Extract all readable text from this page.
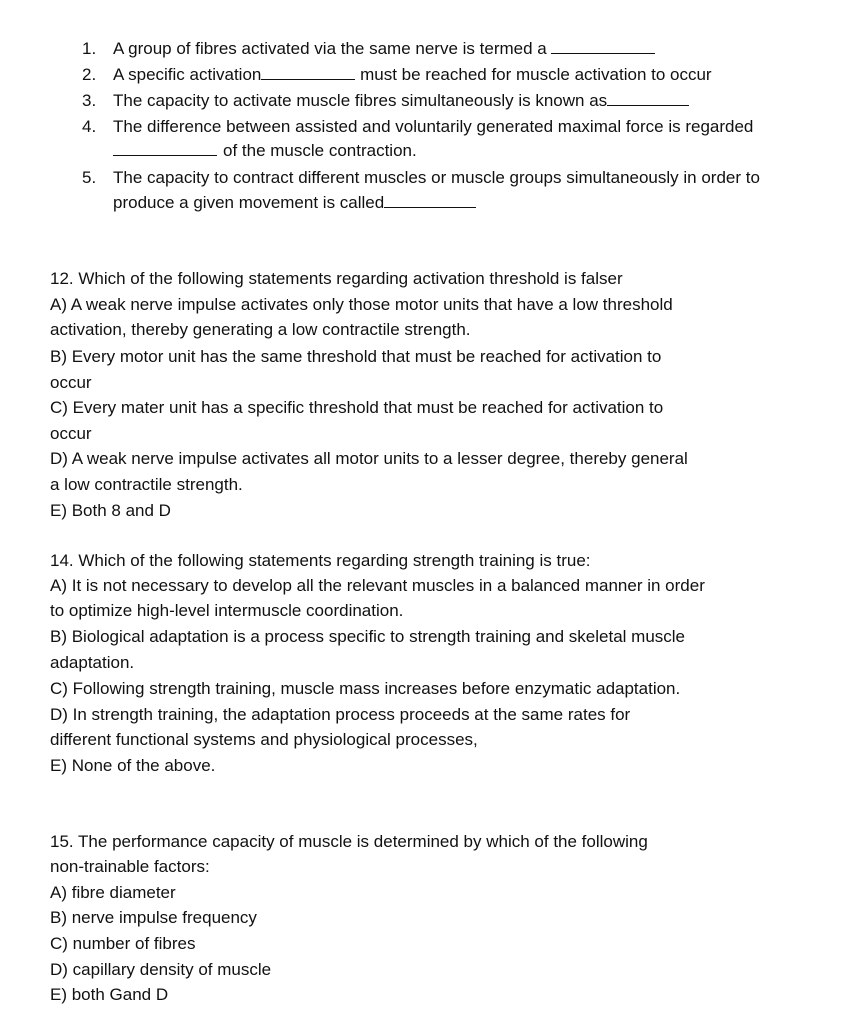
1. A group of fibres activated via the same nerve is termed a
2. A specific activation	must be reached for muscle activation to occur
3. The capacity to activate muscle fibres simultaneously is known as
4. The difference between assisted and voluntarily generated maximal force is regarded
of the muscle contraction.
5. The capacity to contract different muscles or muscle groups simultaneously in order to
produce a given movement is called
12. Which of the following statements regarding activation threshold is falser
A) A weak nerve impulse activates only those motor units that have a low threshold
activation, thereby generating a low contractile strength.
B) Every motor unit has the same threshold that must be reached for activation to
occur
C) Every mater unit has a specific threshold that must be reached for activation to
occur
D) A weak nerve impulse activates all motor units to a lesser degree, thereby general
a low contractile strength.
E) Both 8 and D
14. Which of the following statements regarding strength training is true:
A) It is not necessary to develop all the relevant muscles in a balanced manner in order
to optimize high-level intermuscle coordination.
B) Biological adaptation is a process specific to strength training and skeletal muscle
adaptation.
C) Following strength training, muscle mass increases before enzymatic adaptation.
D) In strength training, the adaptation process proceeds at the same rates for
different functional systems and physiological processes,
E) None of the above.
15. The performance capacity of muscle is determined by which of the following
non-trainable factors:
A) fibre diameter
B) nerve impulse frequency
C) number of fibres
D) capillary density of muscle
E) both Gand D
